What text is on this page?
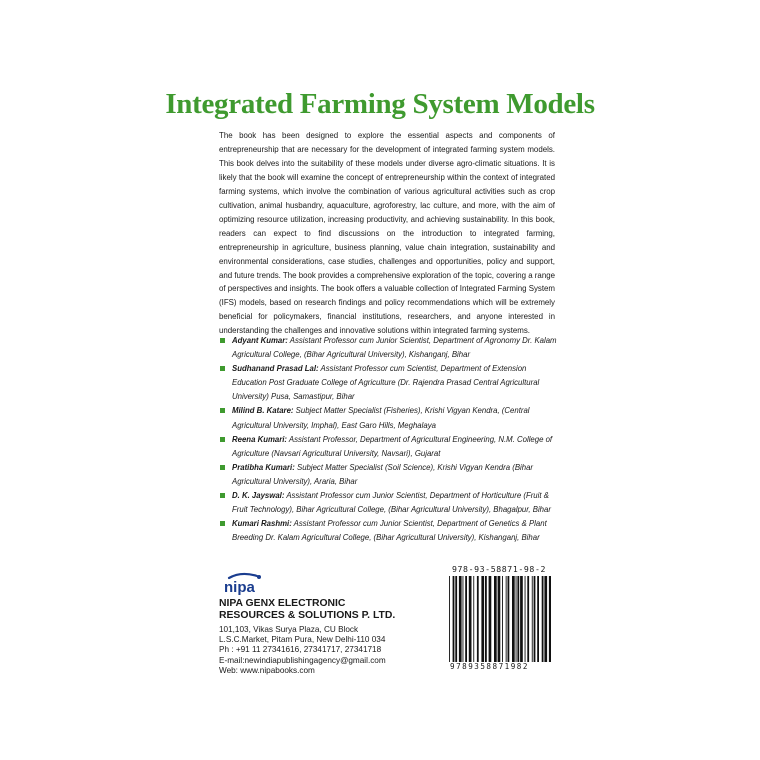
Integrated Farming System Models

The book has been designed to explore the essential aspects and components of entrepreneurship that are necessary for the development of integrated farming system models. This book delves into the suitability of these models under diverse agro-climatic situations. It is likely that the book will examine the concept of entrepreneurship within the context of integrated farming systems, which involve the combination of various agricultural activities such as crop cultivation, animal husbandry, aquaculture, agroforestry, lac culture, and more, with the aim of optimizing resource utilization, increasing productivity, and achieving sustainability. In this book, readers can expect to find discussions on the introduction to integrated farming, entrepreneurship in agriculture, business planning, value chain integration, sustainability and environmental considerations, case studies, challenges and opportunities, policy and support, and future trends. The book provides a comprehensive exploration of the topic, covering a range of perspectives and insights. The book offers a valuable collection of Integrated Farming System (IFS) models, based on research findings and policy recommendations which will be extremely beneficial for policymakers, financial institutions, researchers, and anyone interested in understanding the challenges and innovative solutions within integrated farming systems.

Adyant Kumar: Assistant Professor cum Junior Scientist, Department of Agronomy Dr. Kalam Agricultural College, (Bihar Agricultural University), Kishanganj, Bihar
Sudhanand Prasad Lal: Assistant Professor cum Scientist, Department of Extension Education Post Graduate College of Agriculture (Dr. Rajendra Prasad Central Agricultural University) Pusa, Samastipur, Bihar
Milind B. Katare: Subject Matter Specialist (Fisheries), Krishi Vigyan Kendra, (Central Agricultural University, Imphal), East Garo Hills, Meghalaya
Reena Kumari: Assistant Professor, Department of Agricultural Engineering, N.M. College of Agriculture (Navsari Agricultural University, Navsari), Gujarat
Pratibha Kumari: Subject Matter Specialist (Soil Science), Krishi Vigyan Kendra (Bihar Agricultural University), Araria, Bihar
D. K. Jayswal: Assistant Professor cum Junior Scientist, Department of Horticulture (Fruit & Fruit Technology), Bihar Agricultural College, (Bihar Agricultural University), Bhagalpur, Bihar
Kumari Rashmi: Assistant Professor cum Junior Scientist, Department of Genetics & Plant Breeding Dr. Kalam Agricultural College, (Bihar Agricultural University), Kishanganj, Bihar
nipa
NIPA GENX ELECTRONIC
RESOURCES & SOLUTIONS P. LTD.
101,103, Vikas Surya Plaza, CU Block
L.S.C.Market, Pitam Pura, New Delhi-110 034
Ph : +91 11 27341616, 27341717, 27341718
E-mail:newindiapublishingagency@gmail.com
Web: www.nipabooks.com
978-93-58871-98-2
9789358871982
